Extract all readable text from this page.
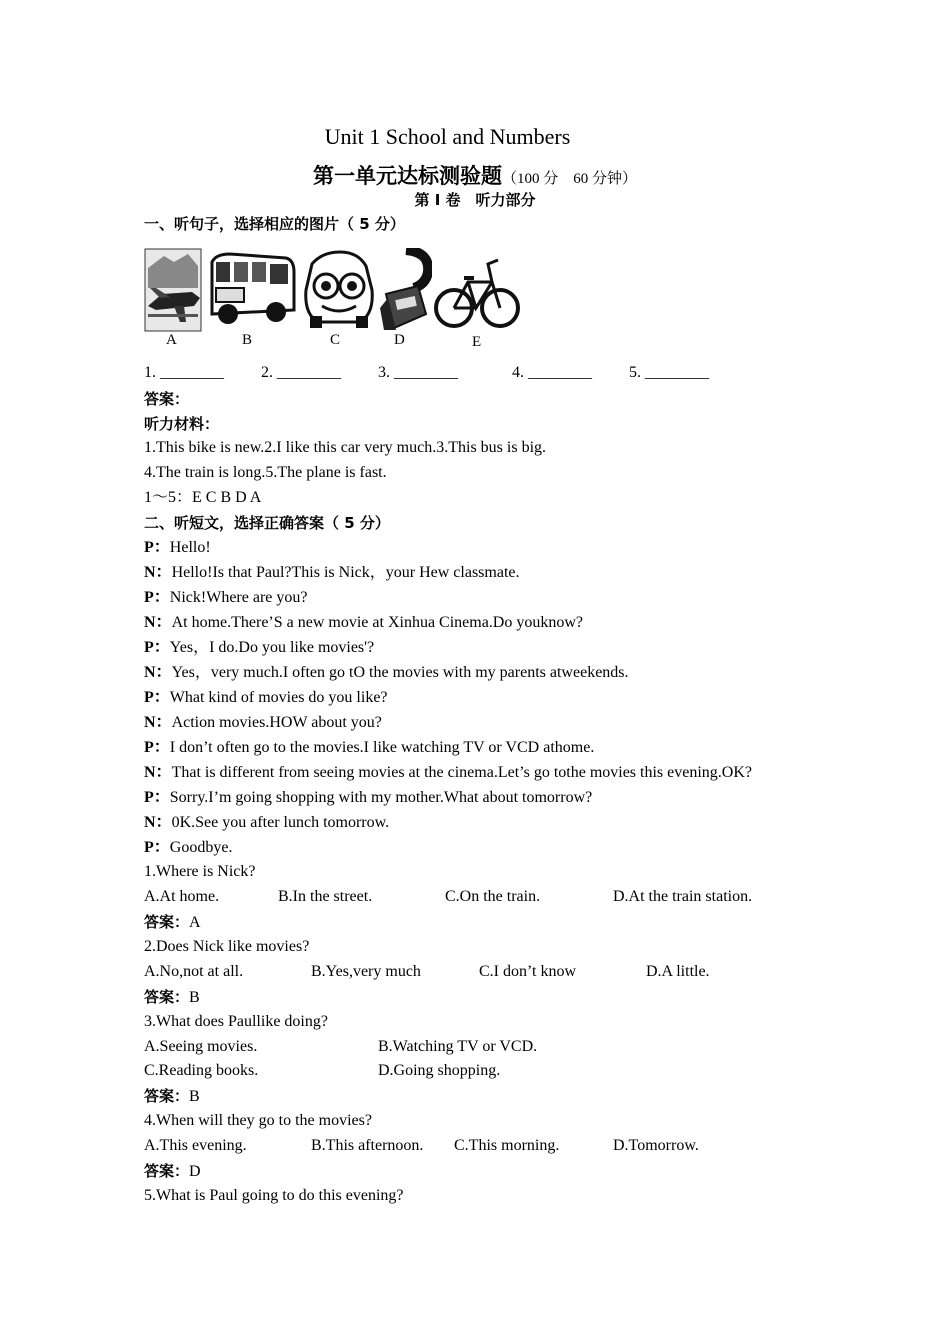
Unit 1 School and Numbers
第一单元达标测验题（100 分　60 分钟）
第 I 卷　听力部分
一、听句子，选择相应的图片（ 5 分）
A	B	C	D	E
1. ________ 2. ________ 3. ________	4. ________ 5. ________
答案：
听力材料：
1.This bike is new.2.I like this car very much.3.This bus is big.
4.The train is long.5.The plane is fast.
1～5：E C B D A
二、听短文，选择正确答案（ 5 分）
P：Hello!
N：Hello!Is that Paul?This is Nick，your Hew classmate.
P：Nick!Where are you?
N：At home.There’S a new movie at Xinhua Cinema.Do youknow?
P：Yes，I do.Do you like movies'?
N：Yes，very much.I often go tO the movies with my parents atweekends.
P：What kind of movies do you like?
N：Action movies.HOW about you?
P：I don’t often go to the movies.I like watching TV or VCD athome.
N：That is different from seeing movies at the cinema.Let’s go tothe movies this evening.OK?
P：Sorry.I’m going shopping with my mother.What about tomorrow?
N：0K.See you after lunch tomorrow.
P：Goodbye.
1.Where is Nick?
A.At home.	B.In the street.	C.On the train.	D.At the train station.
答案：A
2.Does Nick like movies?
A.No,not at all.	B.Yes,very much	C.I don’t know	D.A little.
答案：B
3.What does Paullike doing?
A.Seeing movies.	B.Watching TV or VCD.
C.Reading books.	D.Going shopping.
答案：B
4.When will they go to the movies?
A.This evening.	B.This afternoon. C.This morning.	D.Tomorrow.
答案：D
5.What is Paul going to do this evening?
